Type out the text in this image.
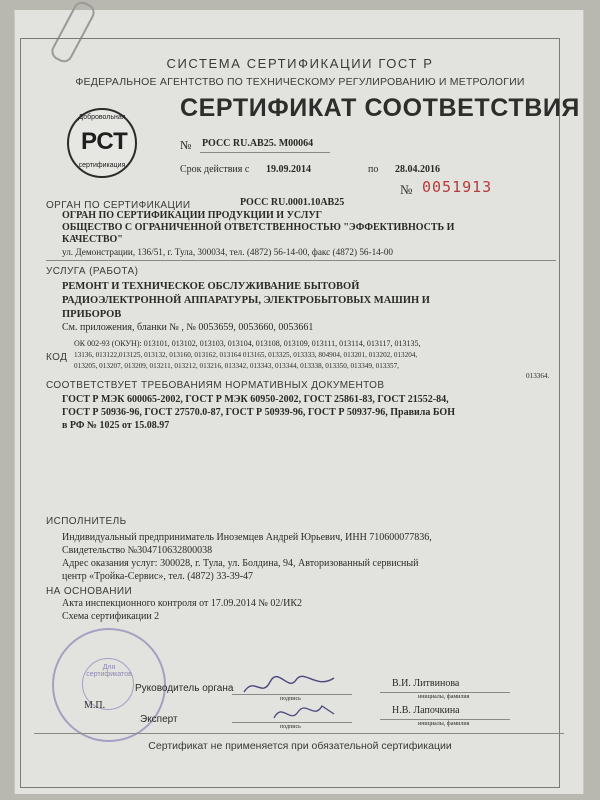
СИСТЕМА СЕРТИФИКАЦИИ ГОСТ Р
ФЕДЕРАЛЬНОЕ АГЕНТСТВО ПО ТЕХНИЧЕСКОМУ РЕГУЛИРОВАНИЮ И МЕТРОЛОГИИ
Добровольная
РСТ
сертификация
СЕРТИФИКАТ СООТВЕТСТВИЯ
№ РОСС RU.АВ25. М00064
Срок действия с 19.09.2014	по 28.04.2016
№ 0051913
ОРГАН ПО СЕРТИФИКАЦИИ	РОСС RU.0001.10АВ25
ОГРАН ПО СЕРТИФИКАЦИИ ПРОДУКЦИИ И УСЛУГ
ОБЩЕСТВО С ОГРАНИЧЕННОЙ ОТВЕТСТВЕННОСТЬЮ "ЭФФЕКТИВНОСТЬ И
КАЧЕСТВО"
ул. Демонстрации, 136/51, г. Тула, 300034, тел. (4872) 56-14-00, факс (4872) 56-14-00
УСЛУГА (РАБОТА)
РЕМОНТ И ТЕХНИЧЕСКОЕ ОБСЛУЖИВАНИЕ БЫТОВОЙ
РАДИОЭЛЕКТРОННОЙ АППАРАТУРЫ, ЭЛЕКТРОБЫТОВЫХ МАШИН И
ПРИБОРОВ
См. приложения, бланки № , № 0053659, 0053660, 0053661
КОД
ОК 002-93 (ОКУН): 013101, 013102, 013103, 013104, 013108, 013109, 013111, 013114, 013117, 013135,
13136, 013122,013125, 013132, 013160, 013162, 013164 013165, 013325, 013333, 804904, 013201, 013202, 013204,
013205, 013207, 013209, 013211, 013212, 013216, 013342, 013343, 013344, 013338, 013350, 013349, 013357,
013364.
СООТВЕТСТВУЕТ ТРЕБОВАНИЯМ НОРМАТИВНЫХ ДОКУМЕНТОВ
ГОСТ Р МЭК 600065-2002, ГОСТ Р МЭК 60950-2002, ГОСТ 25861-83, ГОСТ 21552-84,
ГОСТ Р 50936-96, ГОСТ 27570.0-87, ГОСТ Р 50939-96, ГОСТ Р 50937-96, Правила БОН
в РФ № 1025 от 15.08.97
ИСПОЛНИТЕЛЬ
Индивидуальный предприниматель Иноземцев Андрей Юрьевич, ИНН 710600077836,
Свидетельство №304710632800038
Адрес оказания услуг: 300028, г. Тула, ул. Болдина, 94, Авторизованный сервисный
центр «Тройка-Сервис», тел. (4872) 33-39-47
НА ОСНОВАНИИ
Акта инспекционного контроля от 17.09.2014 № 02/ИК2
Схема сертификации 2
Для сертификатов
Руководитель органа
М.П.
Эксперт
подпись
подпись
В.И. Литвинова
инициалы, фамилия
Н.В. Лапочкина
инициалы, фамилия
Сертификат не применяется при обязательной сертификации
